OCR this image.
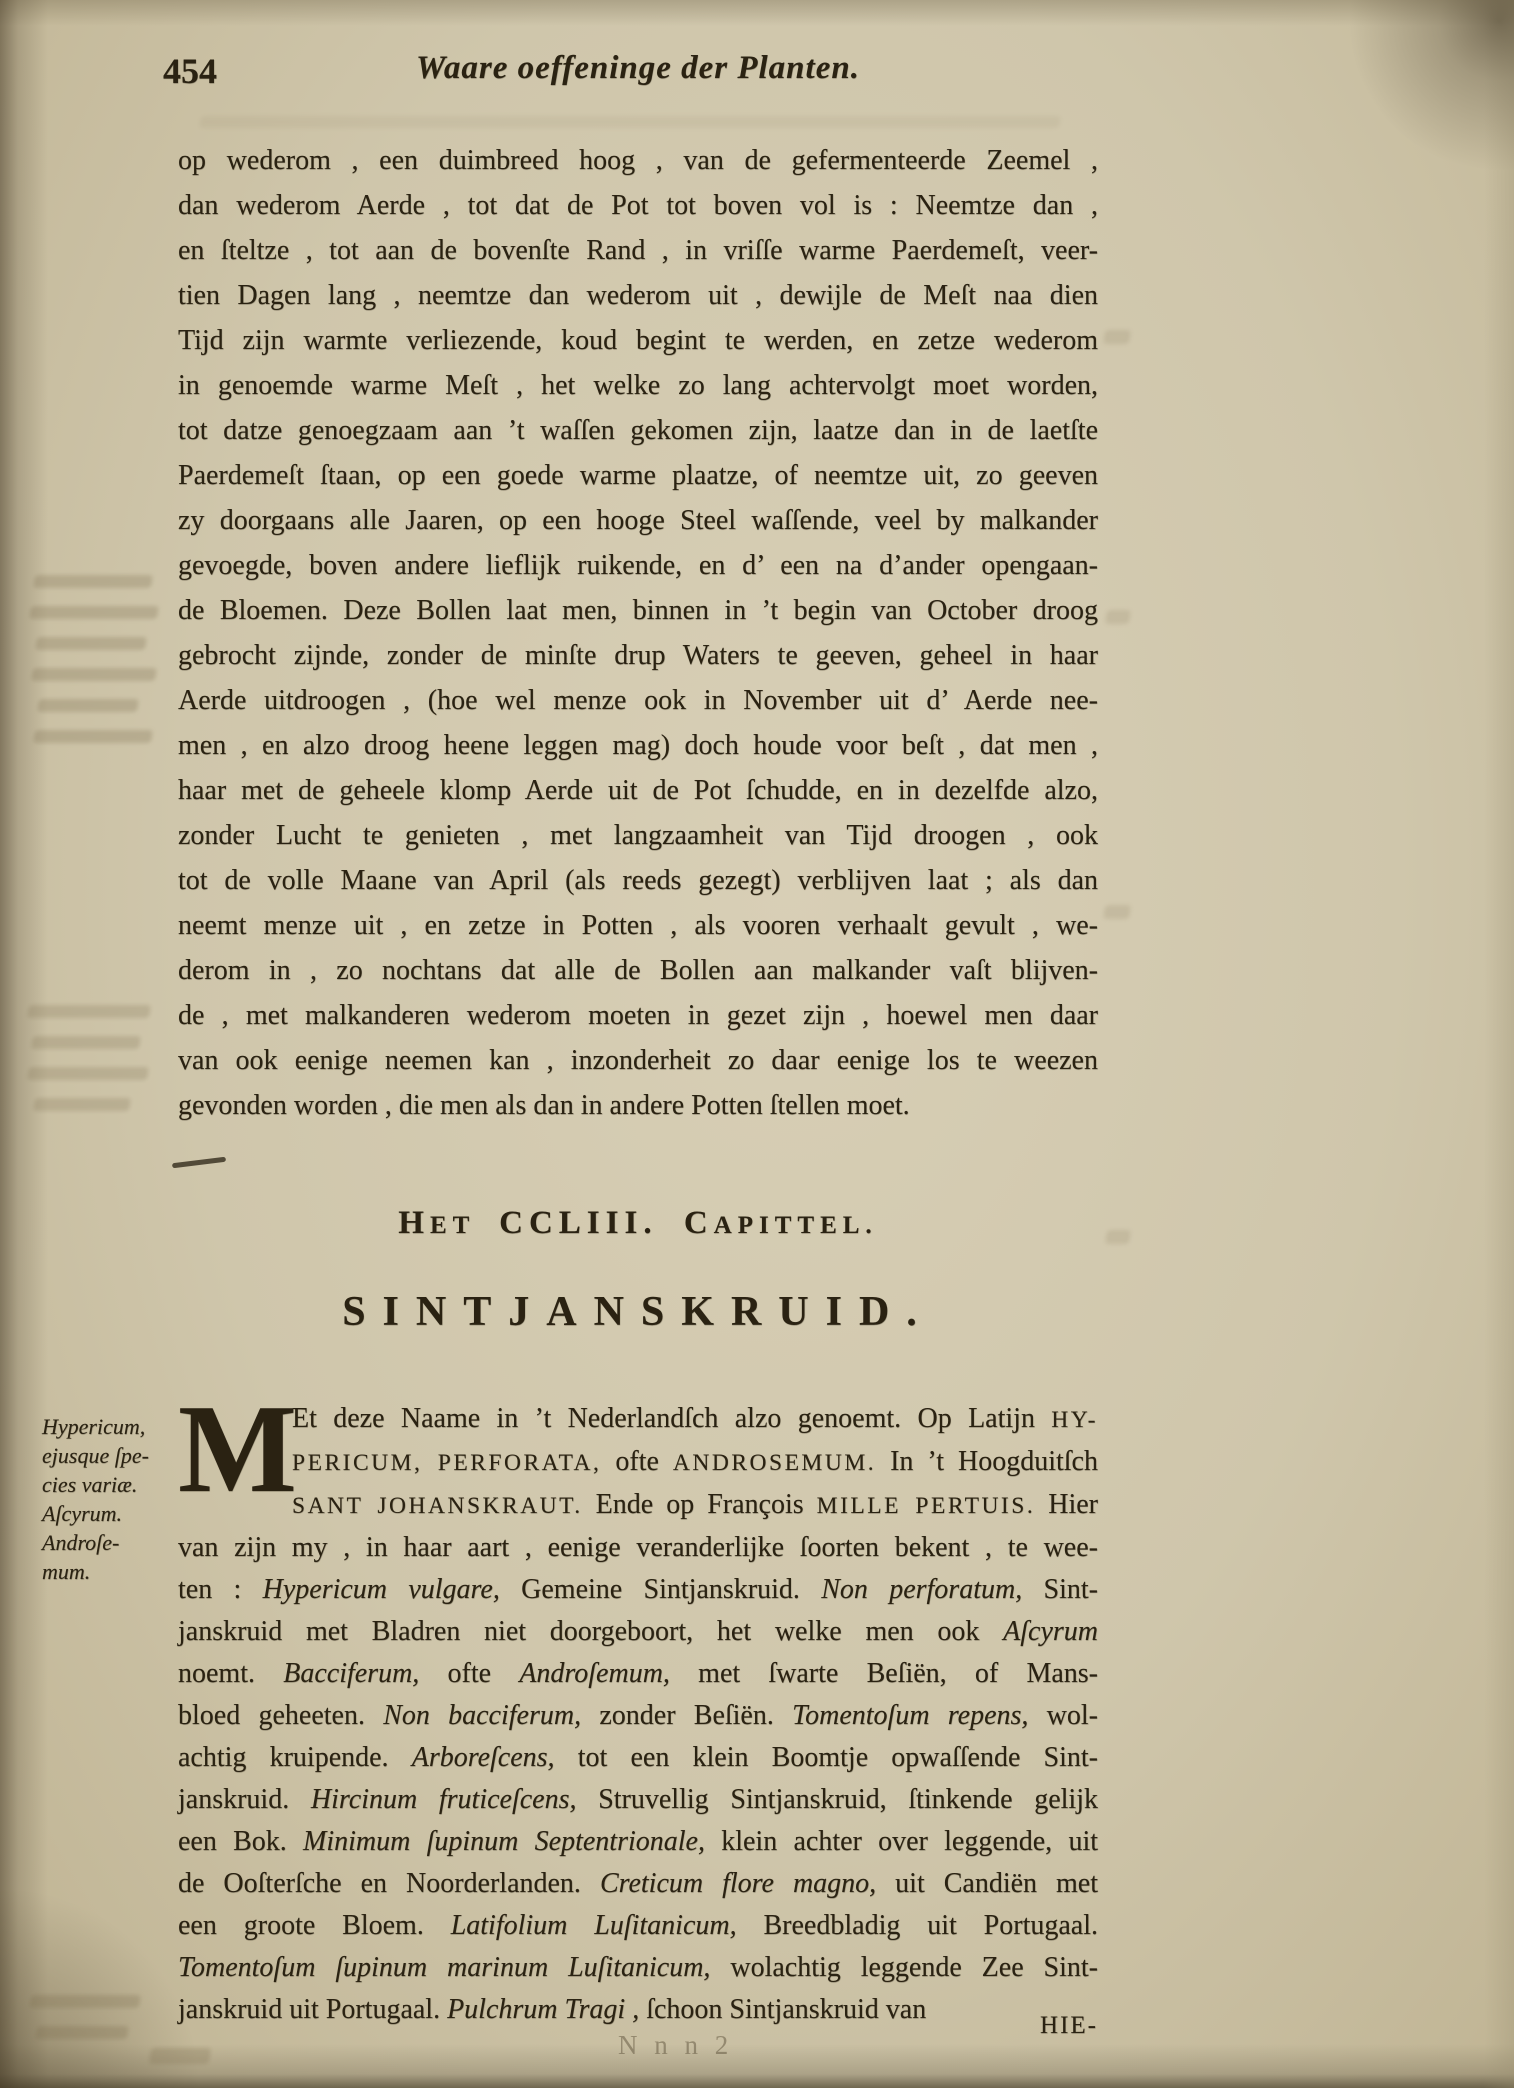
454	Waare oeffeninge der Planten.
op wederom , een duimbreed hoog , van de gefermenteerde Zeemel ,
dan wederom Aerde , tot dat de Pot tot boven vol is : Neemtze dan ,
en ſteltze , tot aan de bovenſte Rand , in vriſſe warme Paerdemeſt, veer-
tien Dagen lang , neemtze dan wederom uit , dewijle de Meſt naa dien
Tijd zijn warmte verliezende, koud begint te werden, en zetze wederom
in genoemde warme Meſt , het welke zo lang achtervolgt moet worden,
tot datze genoegzaam aan ’t waſſen gekomen zijn, laatze dan in de laetſte
Paerdemeſt ſtaan, op een goede warme plaatze, of neemtze uit, zo geeven
zy doorgaans alle Jaaren, op een hooge Steel waſſende, veel by malkander
gevoegde, boven andere lieflijk ruikende, en d’ een na d’ander opengaan-
de Bloemen. Deze Bollen laat men, binnen in ’t begin van October droog
gebrocht zijnde, zonder de minſte drup Waters te geeven, geheel in haar
Aerde uitdroogen , (hoe wel menze ook in November uit d’ Aerde nee-
men , en alzo droog heene leggen mag) doch houde voor beſt , dat men ,
haar met de geheele klomp Aerde uit de Pot ſchudde, en in dezelfde alzo,
zonder Lucht te genieten , met langzaamheit van Tijd droogen , ook
tot de volle Maane van April (als reeds gezegt) verblijven laat ; als dan
neemt menze uit , en zetze in Potten , als vooren verhaalt gevult , we-
derom in , zo nochtans dat alle de Bollen aan malkander vaſt blijven-
de , met malkanderen wederom moeten in gezet zijn , hoewel men daar
van ook eenige neemen kan , inzonderheit zo daar eenige los te weezen
gevonden worden , die men als dan in andere Potten ſtellen moet.
HET CCLIII. CAPITTEL.
SINTJANSKRUID.
Hypericum,
ejusque ſpe-
cies variæ.
Aſcyrum.
Androſe-
mum.
M
Et deze Naame in ’t Nederlandſch alzo genoemt. Op Latijn HY-
PERICUM, PERFORATA, ofte ANDROSEMUM. In ’t Hoogduitſch
SANT JOHANSKRAUT. Ende op François MILLE PERTUIS. Hier
van zijn my , in haar aart , eenige veranderlijke ſoorten bekent , te wee-
ten : Hypericum vulgare, Gemeine Sintjanskruid. Non perforatum, Sint-
janskruid met Bladren niet doorgeboort, het welke men ook Aſcyrum
noemt. Bacciferum, ofte Androſemum, met ſwarte Beſiën, of Mans-
bloed geheeten. Non bacciferum, zonder Beſiën. Tomentoſum repens, wol-
achtig kruipende. Arboreſcens, tot een klein Boomtje opwaſſende Sint-
janskruid. Hircinum fruticeſcens, Struvellig Sintjanskruid, ſtinkende gelijk
een Bok. Minimum ſupinum Septentrionale, klein achter over leggende, uit
de Ooſterſche en Noorderlanden. Creticum flore magno, uit Candiën met
een groote Bloem. Latifolium Luſitanicum, Breedbladig uit Portugaal.
Tomentoſum ſupinum marinum Luſitanicum, wolachtig leggende Zee Sint-
janskruid uit Portugaal. Pulchrum Tragi , ſchoon Sintjanskruid van
N n n 2
HIE-
